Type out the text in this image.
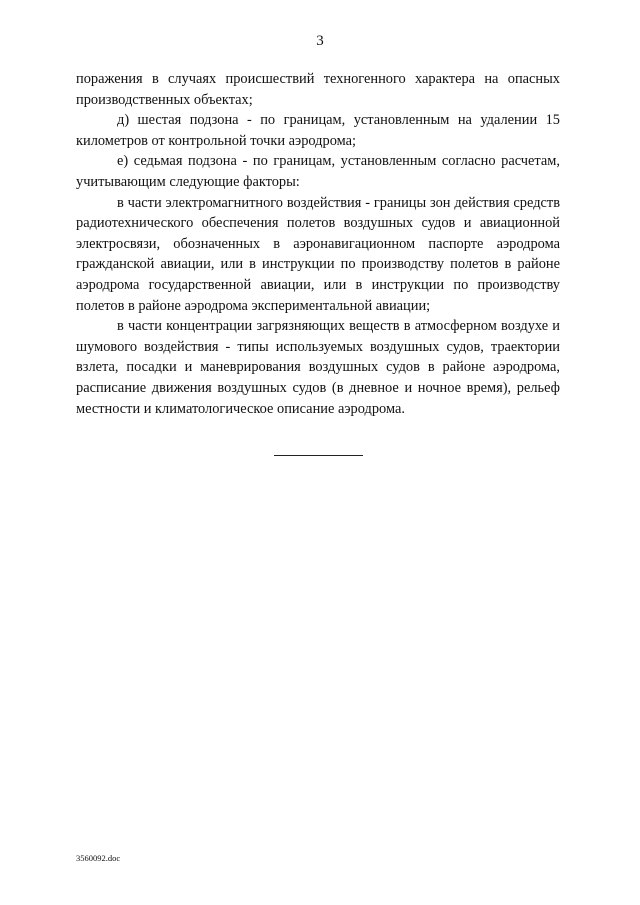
3

поражения в случаях происшествий техногенного характера на опасных производственных объектах;

д) шестая подзона - по границам, установленным на удалении 15 километров от контрольной точки аэродрома;

е) седьмая подзона - по границам, установленным согласно расчетам, учитывающим следующие факторы:

в части электромагнитного воздействия - границы зон действия средств радиотехнического обеспечения полетов воздушных судов и авиационной электросвязи, обозначенных в аэронавигационном паспорте аэродрома гражданской авиации, или в инструкции по производству полетов в районе аэродрома государственной авиации, или в инструкции по производству полетов в районе аэродрома экспериментальной авиации;

в части концентрации загрязняющих веществ в атмосферном воздухе и шумового воздействия - типы используемых воздушных судов, траектории взлета, посадки и маневрирования воздушных судов в районе аэродрома, расписание движения воздушных судов (в дневное и ночное время), рельеф местности и климатологическое описание аэродрома.

3560092.doc
